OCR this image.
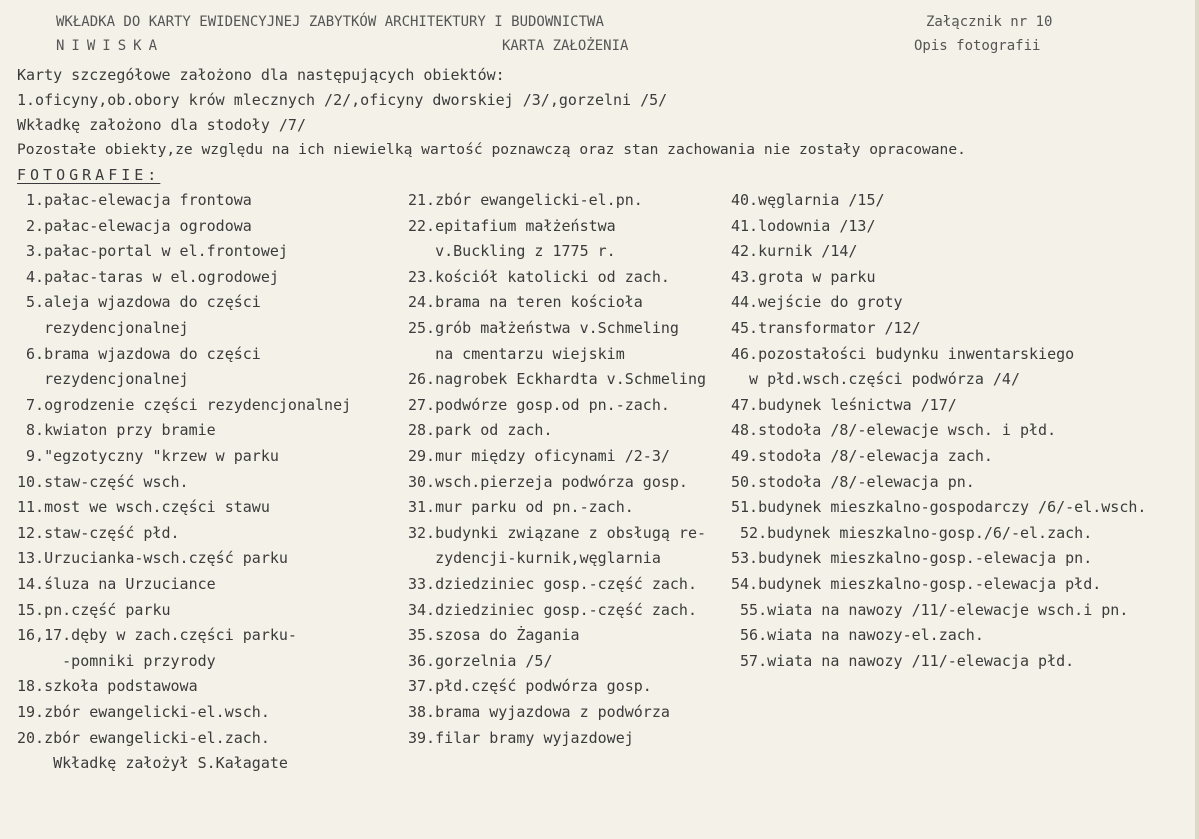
WKŁADKA DO KARTY EWIDENCYJNEJ ZABYTKÓW ARCHITEKTURY I BUDOWNICTWA	Załącznik nr 10
NIWISKA	KARTA ZAŁOŻENIA	Opis fotografii
Karty szczegółowe założono dla następujących obiektów:
1.oficyny,ob.obory krów mlecznych /2/,oficyny dworskiej /3/,gorzelni /5/
Wkładkę założono dla stodoły /7/
Pozostałe obiekty,ze względu na ich niewielką wartość poznawczą oraz stan zachowania nie zostały opracowane.
FOTOGRAFIE:
1.pałac-elewacja frontowa
2.pałac-elewacja ogrodowa
3.pałac-portal w el.frontowej
4.pałac-taras w el.ogrodowej
5.aleja wjazdowa do części
rezydencjonalnej
6.brama wjazdowa do części
rezydencjonalnej
7.ogrodzenie części rezydencjonalnej
8.kwiaton przy bramie
9."egzotyczny "krzew w parku
10.staw-część wsch.
11.most we wsch.części stawu
12.staw-część płd.
13.Urzucianka-wsch.część parku
14.śluza na Urzuciance
15.pn.część parku
16,17.dęby w zach.części parku-
-pomniki przyrody
18.szkoła podstawowa
19.zbór ewangelicki-el.wsch.
20.zbór ewangelicki-el.zach.
Wkładkę założył S.Kałagate
21.zbór ewangelicki-el.pn.
22.epitafium małżeństwa
v.Buckling z 1775 r.
23.kościół katolicki od zach.
24.brama na teren kościoła
25.grób małżeństwa v.Schmeling
na cmentarzu wiejskim
26.nagrobek Eckhardta v.Schmeling
27.podwórze gosp.od pn.-zach.
28.park od zach.
29.mur między oficynami /2-3/
30.wsch.pierzeja podwórza gosp.
31.mur parku od pn.-zach.
32.budynki związane z obsługą re-
zydencji-kurnik,węglarnia
33.dziedziniec gosp.-część zach.
34.dziedziniec gosp.-część zach.
35.szosa do Żagania
36.gorzelnia /5/
37.płd.część podwórza gosp.
38.brama wyjazdowa z podwórza
39.filar bramy wyjazdowej
40.węglarnia /15/
41.lodownia /13/
42.kurnik /14/
43.grota w parku
44.wejście do groty
45.transformator /12/
46.pozostałości budynku inwentarskiego
w płd.wsch.części podwórza /4/
47.budynek leśnictwa /17/
48.stodoła /8/-elewacje wsch. i płd.
49.stodoła /8/-elewacja zach.
50.stodoła /8/-elewacja pn.
51.budynek mieszkalno-gospodarczy /6/-el.wsch.
52.budynek mieszkalno-gosp./6/-el.zach.
53.budynek mieszkalno-gosp.-elewacja pn.
54.budynek mieszkalno-gosp.-elewacja płd.
55.wiata na nawozy /11/-elewacje wsch.i pn.
56.wiata na nawozy-el.zach.
57.wiata na nawozy /11/-elewacja płd.
